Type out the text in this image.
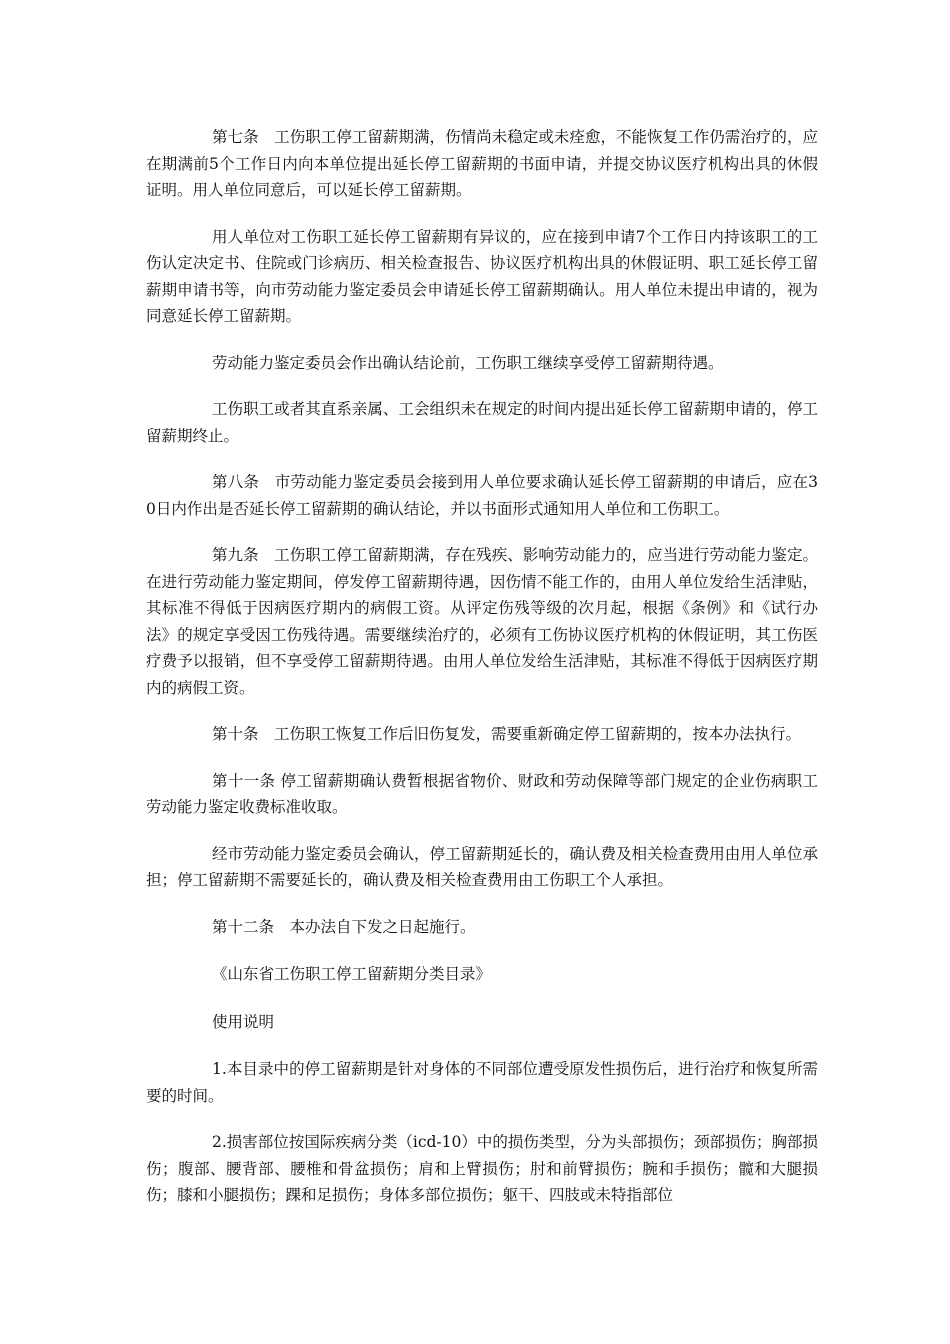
第七条　工伤职工停工留薪期满，伤情尚未稳定或未痊愈，不能恢复工作仍需治疗的，应在期满前5个工作日内向本单位提出延长停工留薪期的书面申请，并提交协议医疗机构出具的休假证明。用人单位同意后，可以延长停工留薪期。

用人单位对工伤职工延长停工留薪期有异议的，应在接到申请7个工作日内持该职工的工伤认定决定书、住院或门诊病历、相关检查报告、协议医疗机构出具的休假证明、职工延长停工留薪期申请书等，向市劳动能力鉴定委员会申请延长停工留薪期确认。用人单位未提出申请的，视为同意延长停工留薪期。

劳动能力鉴定委员会作出确认结论前，工伤职工继续享受停工留薪期待遇。

工伤职工或者其直系亲属、工会组织未在规定的时间内提出延长停工留薪期申请的，停工留薪期终止。

第八条　市劳动能力鉴定委员会接到用人单位要求确认延长停工留薪期的申请后，应在30日内作出是否延长停工留薪期的确认结论，并以书面形式通知用人单位和工伤职工。

第九条　工伤职工停工留薪期满，存在残疾、影响劳动能力的，应当进行劳动能力鉴定。在进行劳动能力鉴定期间，停发停工留薪期待遇，因伤情不能工作的，由用人单位发给生活津贴，其标准不得低于因病医疗期内的病假工资。从评定伤残等级的次月起，根据《条例》和《试行办法》的规定享受因工伤残待遇。需要继续治疗的，必须有工伤协议医疗机构的休假证明，其工伤医疗费予以报销，但不享受停工留薪期待遇。由用人单位发给生活津贴，其标准不得低于因病医疗期内的病假工资。

第十条　工伤职工恢复工作后旧伤复发，需要重新确定停工留薪期的，按本办法执行。

第十一条 停工留薪期确认费暂根据省物价、财政和劳动保障等部门规定的企业伤病职工劳动能力鉴定收费标准收取。

经市劳动能力鉴定委员会确认，停工留薪期延长的，确认费及相关检查费用由用人单位承担；停工留薪期不需要延长的，确认费及相关检查费用由工伤职工个人承担。

第十二条　本办法自下发之日起施行。

《山东省工伤职工停工留薪期分类目录》

使用说明

1.本目录中的停工留薪期是针对身体的不同部位遭受原发性损伤后，进行治疗和恢复所需要的时间。

2.损害部位按国际疾病分类（icd-10）中的损伤类型，分为头部损伤；颈部损伤；胸部损伤；腹部、腰背部、腰椎和骨盆损伤；肩和上臂损伤；肘和前臂损伤；腕和手损伤；髋和大腿损伤；膝和小腿损伤；踝和足损伤；身体多部位损伤；躯干、四肢或未特指部位
